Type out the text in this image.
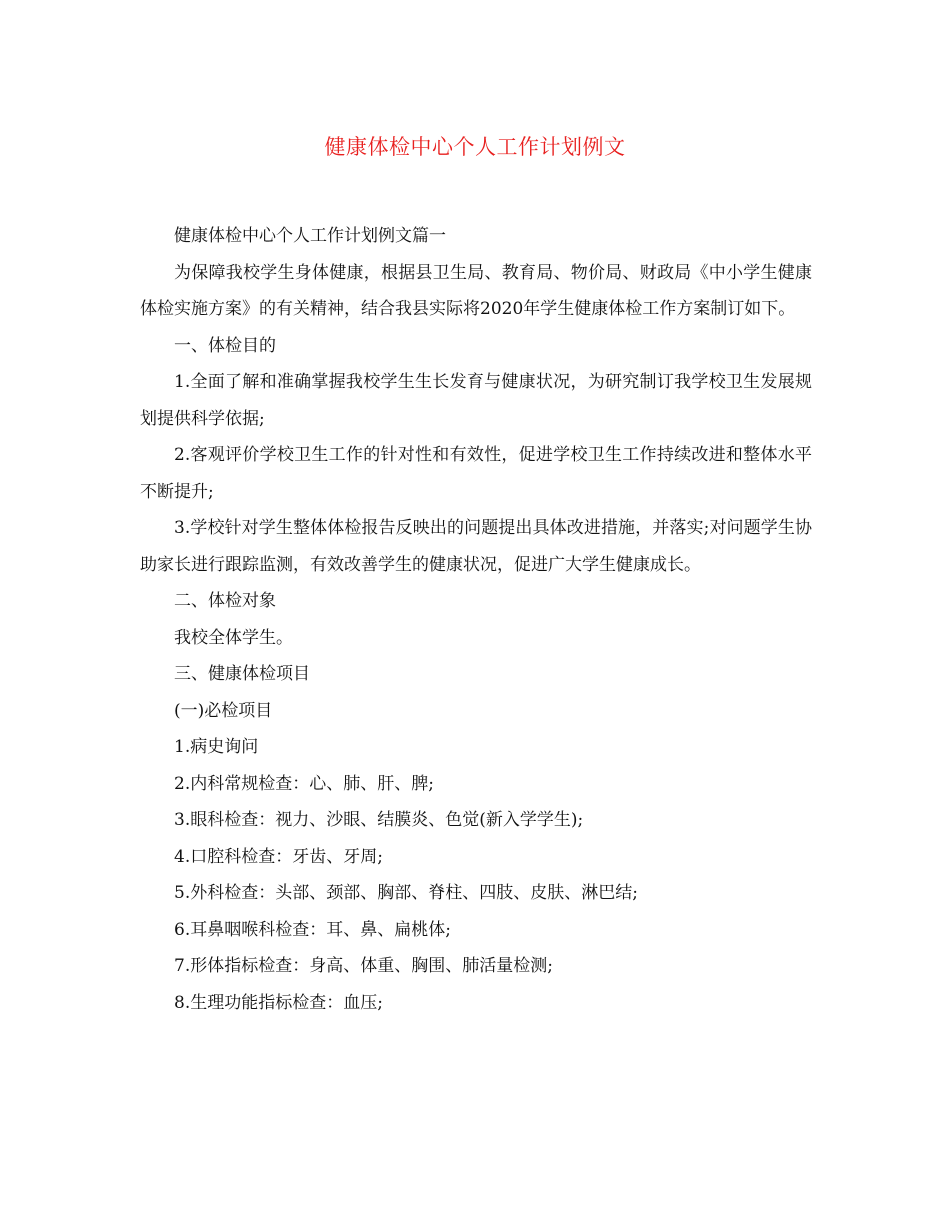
健康体检中心个人工作计划例文

健康体检中心个人工作计划例文篇一

为保障我校学生身体健康，根据县卫生局、教育局、物价局、财政局《中小学生健康体检实施方案》的有关精神，结合我县实际将2020年学生健康体检工作方案制订如下。

一、体检目的

1.全面了解和准确掌握我校学生生长发育与健康状况，为研究制订我学校卫生发展规划提供科学依据;

2.客观评价学校卫生工作的针对性和有效性，促进学校卫生工作持续改进和整体水平不断提升;

3.学校针对学生整体体检报告反映出的问题提出具体改进措施，并落实;对问题学生协助家长进行跟踪监测，有效改善学生的健康状况，促进广大学生健康成长。

二、体检对象

我校全体学生。

三、健康体检项目

(一)必检项目

1.病史询问

2.内科常规检查：心、肺、肝、脾;

3.眼科检查：视力、沙眼、结膜炎、色觉(新入学学生);

4.口腔科检查：牙齿、牙周;

5.外科检查：头部、颈部、胸部、脊柱、四肢、皮肤、淋巴结;

6.耳鼻咽喉科检查：耳、鼻、扁桃体;

7.形体指标检查：身高、体重、胸围、肺活量检测;

8.生理功能指标检查：血压;
